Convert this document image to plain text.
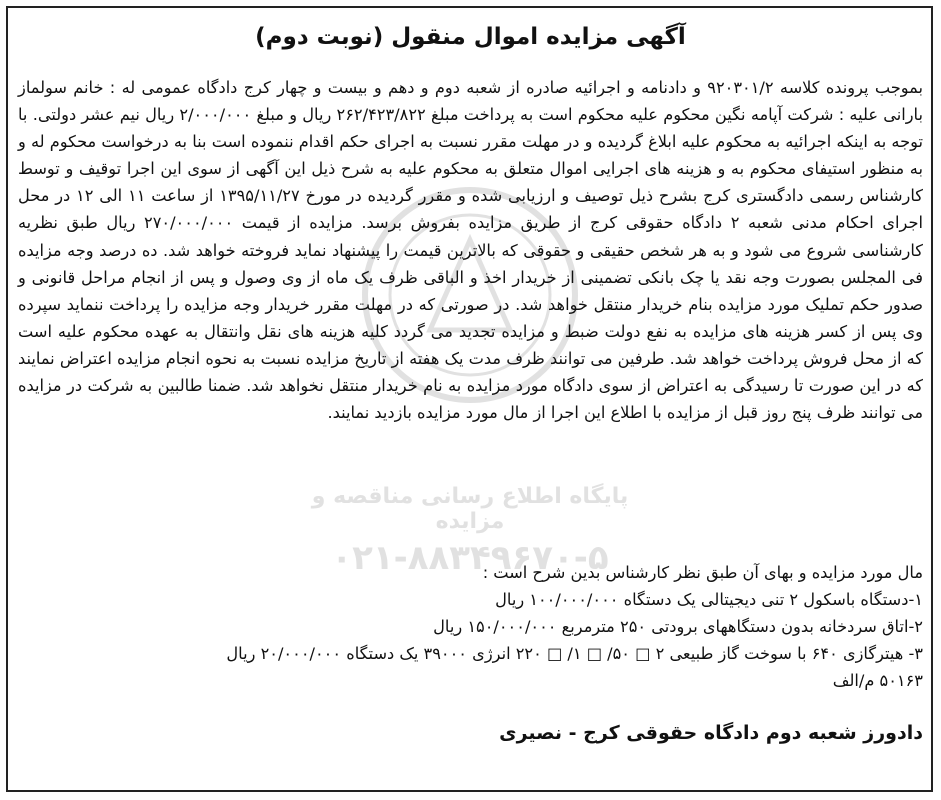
پایگاه اطلاع رسانی مناقصه و مزایده
۰۲۱-۸۸۳۴۹۶۷۰-۵
آگهی مزایده اموال منقول (نوبت دوم)
بموجب پرونده کلاسه ۹۲۰۳۰۱/۲ و دادنامه و اجرائیه صادره از شعبه دوم و دهم و بیست و چهار کرج دادگاه عمومی له : خانم سولماز بارانی علیه : شرکت آپامه نگین محکوم علیه محکوم است به پرداخت مبلغ ۲۶۲/۴۲۳/۸۲۲ ریال و مبلغ ۲/۰۰۰/۰۰۰ ریال نیم عشر دولتی. با توجه به اینکه اجرائیه به محکوم علیه ابلاغ گردیده و در مهلت مقرر نسبت به اجرای حکم اقدام ننموده است بنا به درخواست محکوم له و به منظور استیفای محکوم به و هزینه های اجرایی اموال متعلق به محکوم علیه به شرح ذیل این آگهی از سوی این اجرا توقیف و توسط کارشناس رسمی دادگستری کرج بشرح ذیل توصیف و ارزیابی شده و مقرر گردیده در مورخ ۱۳۹۵/۱۱/۲۷ از ساعت ۱۱ الی ۱۲ در محل اجرای احکام مدنی شعبه ۲ دادگاه حقوقی کرج از طریق مزایده بفروش برسد. مزایده از قیمت ۲۷۰/۰۰۰/۰۰۰ ریال طبق نظریه کارشناسی شروع می شود و به هر شخص حقیقی و حقوقی که بالاترین قیمت را پیشنهاد نماید فروخته خواهد شد. ده درصد وجه مزایده فی المجلس بصورت وجه نقد یا چک بانکی تضمینی از خریدار اخذ و الباقی ظرف یک ماه از وی وصول و پس از انجام مراحل قانونی و صدور حکم تملیک مورد مزایده بنام خریدار منتقل خواهد شد. در صورتی که در مهلت مقرر خریدار وجه مزایده را پرداخت ننماید سپرده وی پس از کسر هزینه های مزایده به نفع دولت ضبط و مزایده تجدید می گردد کلیه هزینه های نقل وانتقال به عهده محکوم علیه است که از محل فروش پرداخت خواهد شد. طرفین می توانند ظرف مدت یک هفته از تاریخ مزایده نسبت به نحوه انجام مزایده اعتراض نمایند که در این صورت تا رسیدگی به اعتراض از سوی دادگاه مورد مزایده به نام خریدار منتقل نخواهد شد. ضمنا طالبین به شرکت در مزایده می توانند ظرف پنج روز قبل از مزایده با اطلاع این اجرا از مال مورد مزایده بازدید نمایند.
مال مورد مزایده و بهای آن طبق نظر کارشناس بدین شرح است :
۱-دستگاه باسکول ۲ تنی دیجیتالی یک دستگاه ۱۰۰/۰۰۰/۰۰۰ ریال
۲-اتاق سردخانه بدون دستگاههای برودتی ۲۵۰ مترمربع ۱۵۰/۰۰۰/۰۰۰ ریال
۳- هیترگازی ۶۴۰ با سوخت گاز طبیعی ۲ □ ۵۰/ □ ۱/ □ ۲۲۰ انرژی ۳۹۰۰۰ یک دستگاه ۲۰/۰۰۰/۰۰۰ ریال
۵۰۱۶۳ م/الف
دادورز شعبه دوم دادگاه حقوقی کرج - نصیری
